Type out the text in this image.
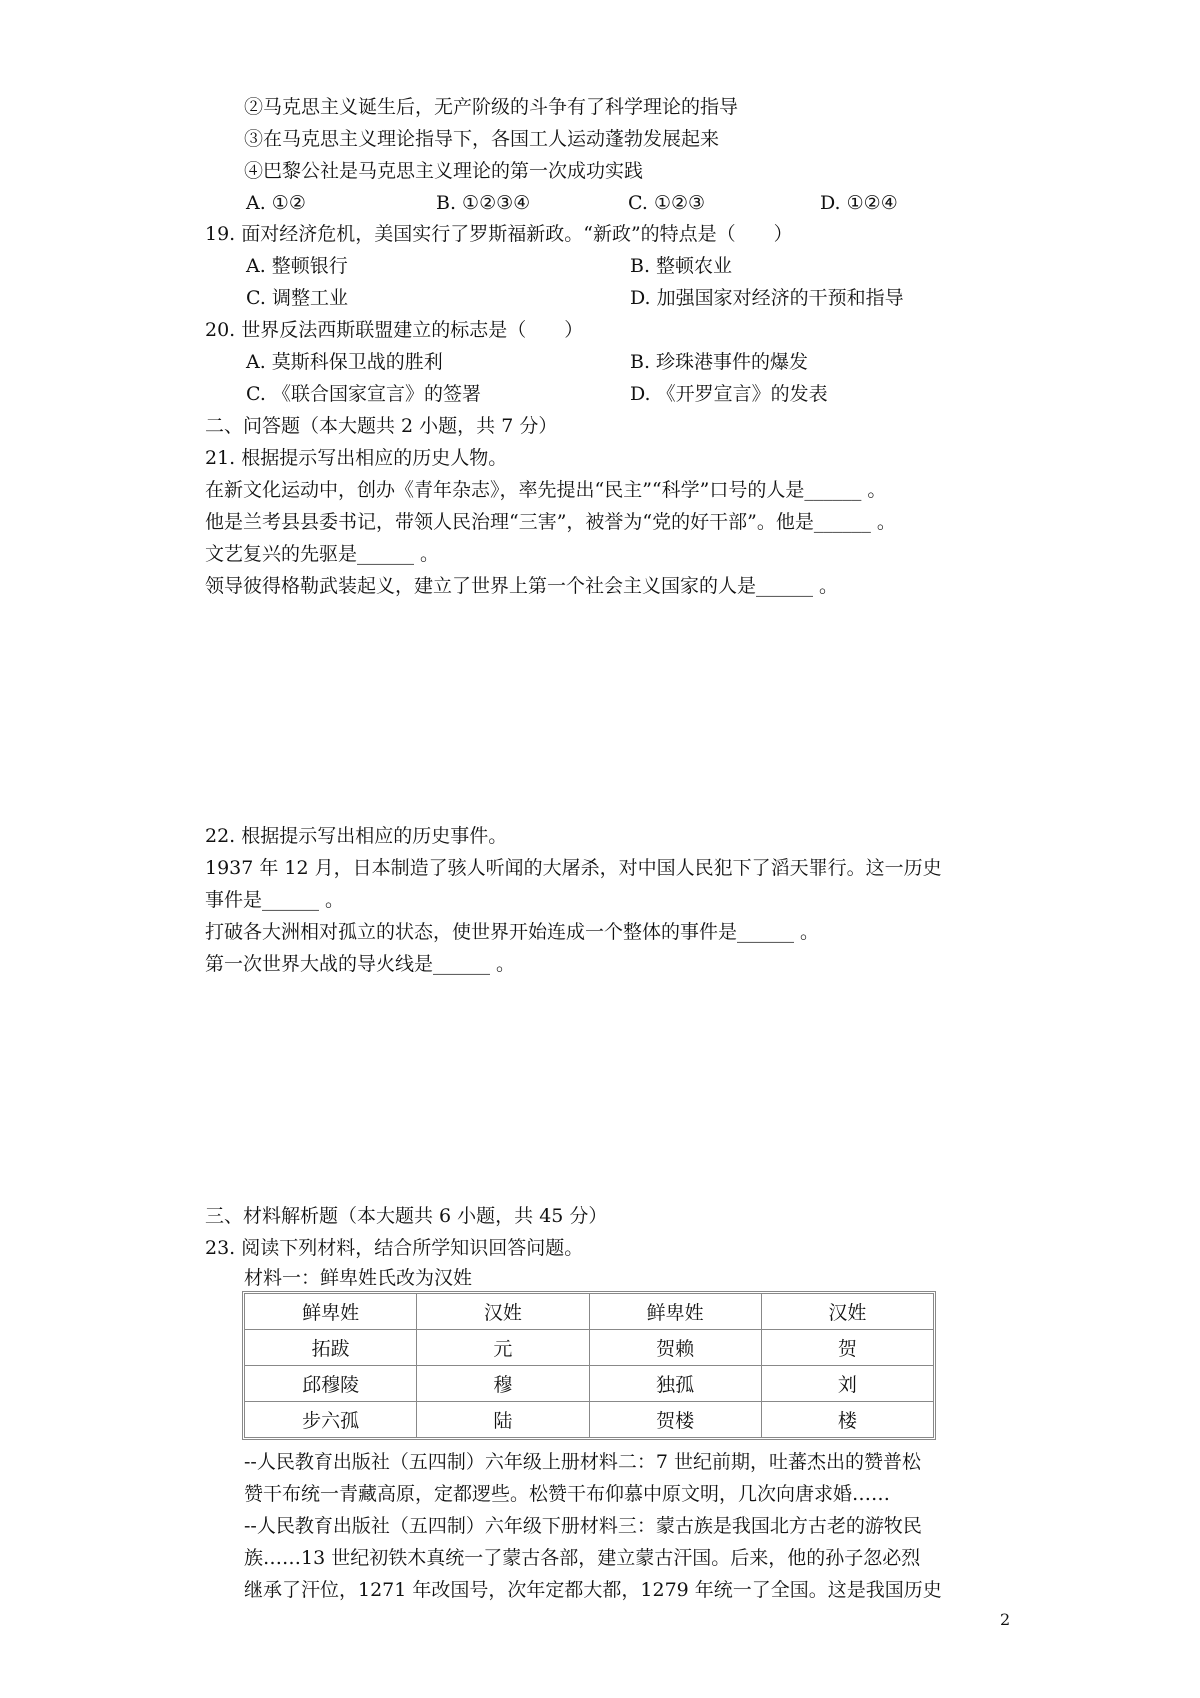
②马克思主义诞生后，无产阶级的斗争有了科学理论的指导
③在马克思主义理论指导下，各国工人运动蓬勃发展起来
④巴黎公社是马克思主义理论的第一次成功实践
A. ①②	B. ①②③④	C. ①②③	D. ①②④
19. 面对经济危机，美国实行了罗斯福新政。“新政”的特点是（　　）
A. 整顿银行	B. 整顿农业
C. 调整工业	D. 加强国家对经济的干预和指导
20. 世界反法西斯联盟建立的标志是（　　）
A. 莫斯科保卫战的胜利	B. 珍珠港事件的爆发
C. 《联合国家宣言》的签署	D. 《开罗宣言》的发表
二、问答题（本大题共 2 小题，共 7 分）
21. 根据提示写出相应的历史人物。
在新文化运动中，创办《青年杂志》，率先提出“民主”“科学”口号的人是______ 。
他是兰考县县委书记，带领人民治理“三害”，被誉为“党的好干部”。他是______ 。
文艺复兴的先驱是______ 。
领导彼得格勒武装起义，建立了世界上第一个社会主义国家的人是______ 。
22. 根据提示写出相应的历史事件。
1937 年 12 月，日本制造了骇人听闻的大屠杀，对中国人民犯下了滔天罪行。这一历史
事件是______ 。
打破各大洲相对孤立的状态，使世界开始连成一个整体的事件是______ 。
第一次世界大战的导火线是______ 。
三、材料解析题（本大题共 6 小题，共 45 分）
23. 阅读下列材料，结合所学知识回答问题。
材料一：鲜卑姓氏改为汉姓
鲜卑姓	汉姓	鲜卑姓	汉姓
拓跋	元	贺赖	贺
邱穆陵	穆	独孤	刘
步六孤	陆	贺楼	楼
--人民教育出版社（五四制）六年级上册材料二：7 世纪前期，吐蕃杰出的赞普松
赞干布统一青藏高原，定都逻些。松赞干布仰慕中原文明，几次向唐求婚……
--人民教育出版社（五四制）六年级下册材料三：蒙古族是我国北方古老的游牧民
族……13 世纪初铁木真统一了蒙古各部，建立蒙古汗国。后来，他的孙子忽必烈
继承了汗位，1271 年改国号，次年定都大都，1279 年统一了全国。这是我国历史
2
